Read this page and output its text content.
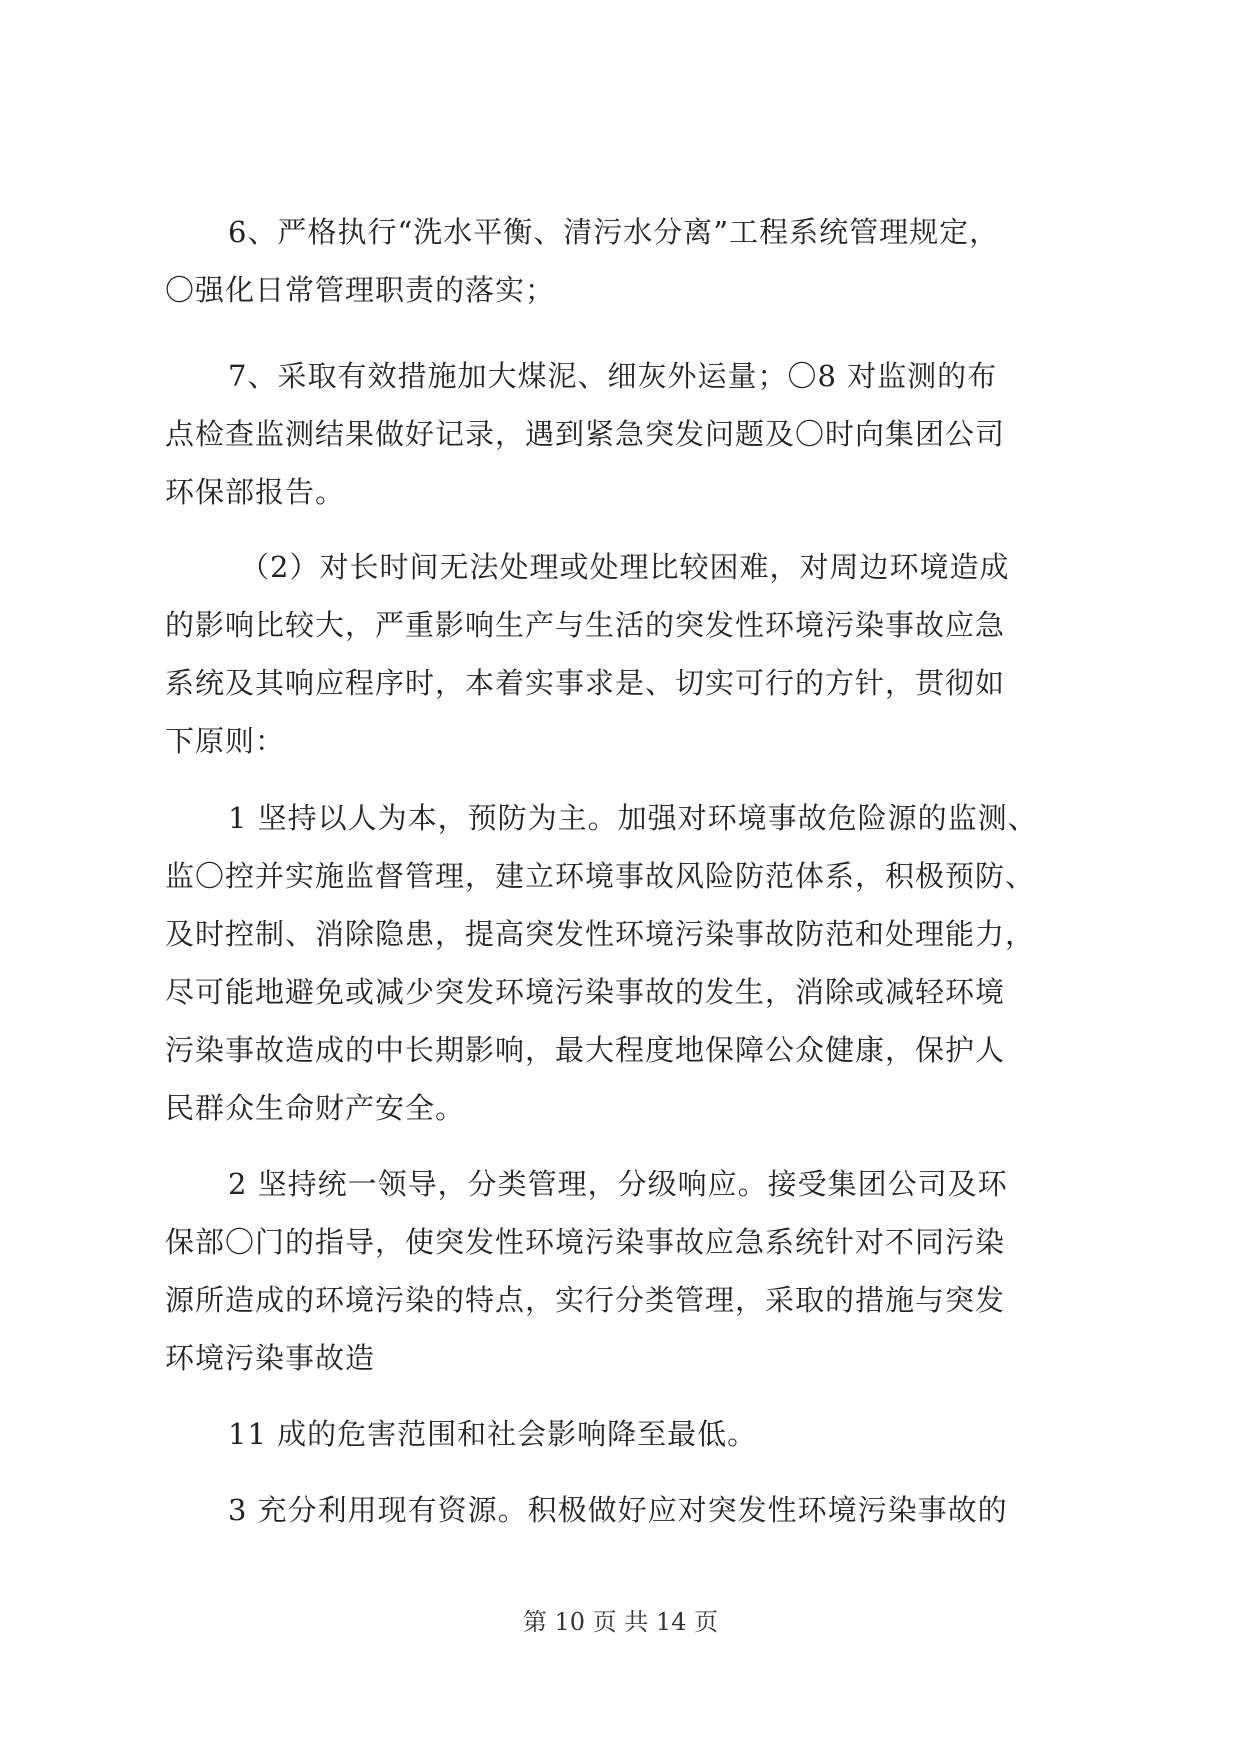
6、严格执行“洗水平衡、清污水分离”工程系统管理规定，
〇强化日常管理职责的落实；
7、采取有效措施加大煤泥、细灰外运量；〇8 对监测的布
点检查监测结果做好记录，遇到紧急突发问题及〇时向集团公司
环保部报告。
（2）对长时间无法处理或处理比较困难，对周边环境造成
的影响比较大，严重影响生产与生活的突发性环境污染事故应急
系统及其响应程序时，本着实事求是、切实可行的方针，贯彻如
下原则：
1 坚持以人为本，预防为主。加强对环境事故危险源的监测、
监〇控并实施监督管理，建立环境事故风险防范体系，积极预防、
及时控制、消除隐患，提高突发性环境污染事故防范和处理能力，
尽可能地避免或减少突发环境污染事故的发生，消除或减轻环境
污染事故造成的中长期影响，最大程度地保障公众健康，保护人
民群众生命财产安全。
2 坚持统一领导，分类管理，分级响应。接受集团公司及环
保部〇门的指导，使突发性环境污染事故应急系统针对不同污染
源所造成的环境污染的特点，实行分类管理，采取的措施与突发
环境污染事故造
11 成的危害范围和社会影响降至最低。
3 充分利用现有资源。积极做好应对突发性环境污染事故的
第 10 页 共 14 页
